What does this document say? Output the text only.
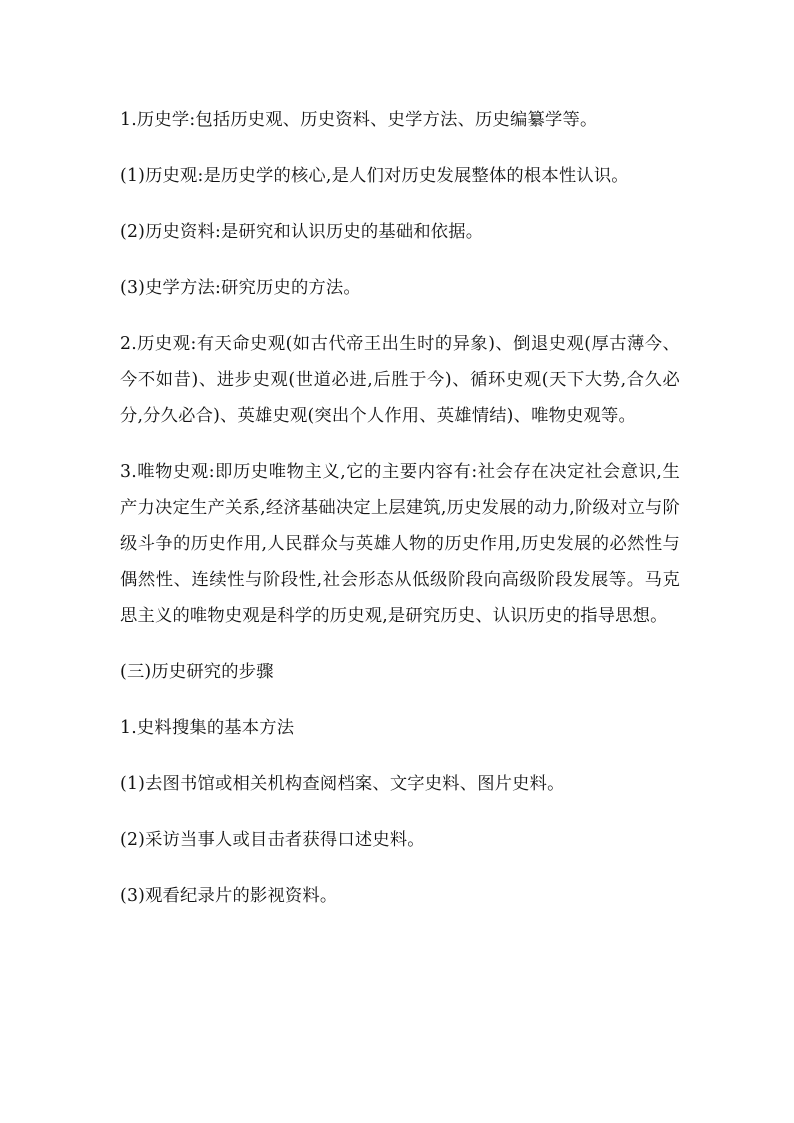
1.历史学:包括历史观、历史资料、史学方法、历史编纂学等。

(1)历史观:是历史学的核心,是人们对历史发展整体的根本性认识。

(2)历史资料:是研究和认识历史的基础和依据。

(3)史学方法:研究历史的方法。

2.历史观:有天命史观(如古代帝王出生时的异象)、倒退史观(厚古薄今、今不如昔)、进步史观(世道必进,后胜于今)、循环史观(天下大势,合久必分,分久必合)、英雄史观(突出个人作用、英雄情结)、唯物史观等。

3.唯物史观:即历史唯物主义,它的主要内容有:社会存在决定社会意识,生产力决定生产关系,经济基础决定上层建筑,历史发展的动力,阶级对立与阶级斗争的历史作用,人民群众与英雄人物的历史作用,历史发展的必然性与偶然性、连续性与阶段性,社会形态从低级阶段向高级阶段发展等。马克思主义的唯物史观是科学的历史观,是研究历史、认识历史的指导思想。

(三)历史研究的步骤

1.史料搜集的基本方法

(1)去图书馆或相关机构查阅档案、文字史料、图片史料。

(2)采访当事人或目击者获得口述史料。

(3)观看纪录片的影视资料。
